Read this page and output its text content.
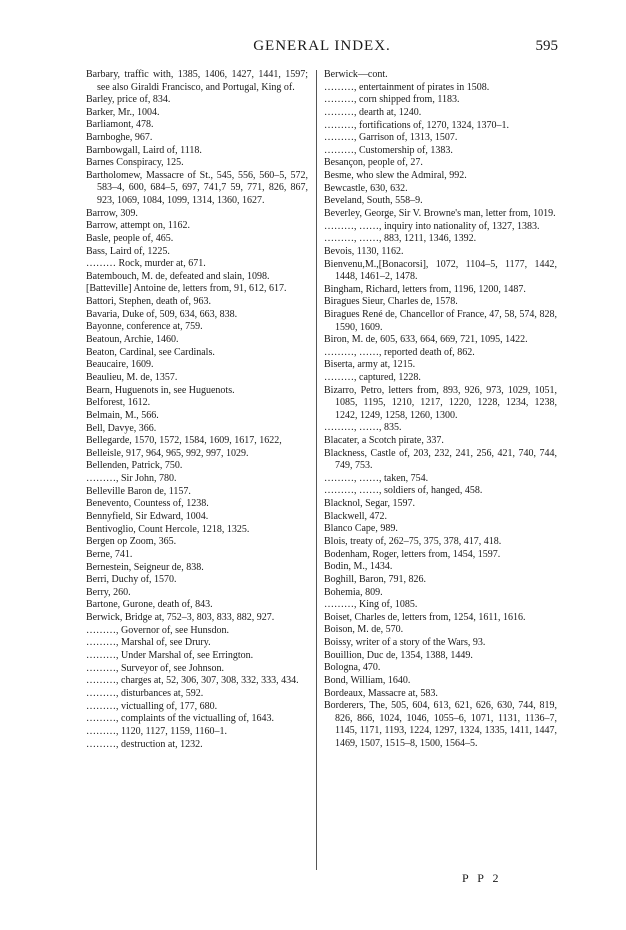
GENERAL INDEX.	595
Barbary, traffic with, 1385, 1406, 1427, 1441, 1597; see also Giraldi Francisco, and Portugal, King of.
Barley, price of, 834.
Barker, Mr., 1004.
Barliamont, 478.
Barnboghe, 967.
Barnbowgall, Laird of, 1118.
Barnes Conspiracy, 125.
Bartholomew, Massacre of St., 545, 556, 560–5, 572, 583–4, 600, 684–5, 697, 741,7 59, 771, 826, 867, 923, 1069, 1084, 1099, 1314, 1360, 1627.
Barrow, 309.
Barrow, attempt on, 1162.
Basle, people of, 465.
Bass, Laird of, 1225.
……… Rock, murder at, 671.
Batembouch, M. de, defeated and slain, 1098.
[Batteville] Antoine de, letters from, 91, 612, 617.
Battori, Stephen, death of, 963.
Bavaria, Duke of, 509, 634, 663, 838.
Bayonne, conference at, 759.
Beatoun, Archie, 1460.
Beaton, Cardinal, see Cardinals.
Beaucaire, 1609.
Beaulieu, M. de, 1357.
Bearn, Huguenots in, see Huguenots.
Belforest, 1612.
Belmain, M., 566.
Bell, Davye, 366.
Bellegarde, 1570, 1572, 1584, 1609, 1617, 1622,
Belleisle, 917, 964, 965, 992, 997, 1029.
Bellenden, Patrick, 750.
………, Sir John, 780.
Belleville Baron de, 1157.
Benevento, Countess of, 1238.
Bennyfield, Sir Edward, 1004.
Bentivoglio, Count Hercole, 1218, 1325.
Bergen op Zoom, 365.
Berne, 741.
Bernestein, Seigneur de, 838.
Berri, Duchy of, 1570.
Berry, 260.
Bartone, Gurone, death of, 843.
Berwick, Bridge at, 752–3, 803, 833, 882, 927.
………, Governor of, see Hunsdon.
………, Marshal of, see Drury.
………, Under Marshal of, see Errington.
………, Surveyor of, see Johnson.
………, charges at, 52, 306, 307, 308, 332, 333, 434.
………, disturbances at, 592.
………, victualling of, 177, 680.
………, complaints of the victualling of, 1643.
………, 1120, 1127, 1159, 1160–1.
………, destruction at, 1232.
Berwick—cont.
………, entertainment of pirates in 1508.
………, corn shipped from, 1183.
………, dearth at, 1240.
………, fortifications of, 1270, 1324, 1370–1.
………, Garrison of, 1313, 1507.
………, Customership of, 1383.
Besançon, people of, 27.
Besme, who slew the Admiral, 992.
Bewcastle, 630, 632.
Beveland, South, 558–9.
Beverley, George, Sir V. Browne's man, letter from, 1019.
………, ……, inquiry into nationality of, 1327, 1383.
………, ……, 883, 1211, 1346, 1392.
Bevois, 1130, 1162.
Bienvenu,M.,[Bonacorsi], 1072, 1104–5, 1177, 1442, 1448, 1461–2, 1478.
Bingham, Richard, letters from, 1196, 1200, 1487.
Biragues Sieur, Charles de, 1578.
Biragues René de, Chancellor of France, 47, 58, 574, 828, 1590, 1609.
Biron, M. de, 605, 633, 664, 669, 721, 1095, 1422.
………, ……, reported death of, 862.
Biserta, army at, 1215.
………, captured, 1228.
Bizarro, Petro, letters from, 893, 926, 973, 1029, 1051, 1085, 1195, 1210, 1217, 1220, 1228, 1234, 1238, 1242, 1249, 1258, 1260, 1300.
………, ……, 835.
Blacater, a Scotch pirate, 337.
Blackness, Castle of, 203, 232, 241, 256, 421, 740, 744, 749, 753.
………, ……, taken, 754.
………, ……, soldiers of, hanged, 458.
Blacknol, Segar, 1597.
Blackwell, 472.
Blanco Cape, 989.
Blois, treaty of, 262–75, 375, 378, 417, 418.
Bodenham, Roger, letters from, 1454, 1597.
Bodin, M., 1434.
Boghill, Baron, 791, 826.
Bohemia, 809.
………, King of, 1085.
Boiset, Charles de, letters from, 1254, 1611, 1616.
Boison, M. de, 570.
Boissy, writer of a story of the Wars, 93.
Bouillion, Duc de, 1354, 1388, 1449.
Bologna, 470.
Bond, William, 1640.
Bordeaux, Massacre at, 583.
Borderers, The, 505, 604, 613, 621, 626, 630, 744, 819, 826, 866, 1024, 1046, 1055–6, 1071, 1131, 1136–7, 1145, 1171, 1193, 1224, 1297, 1324, 1335, 1411, 1447, 1469, 1507, 1515–8, 1500, 1564–5.
P P 2
